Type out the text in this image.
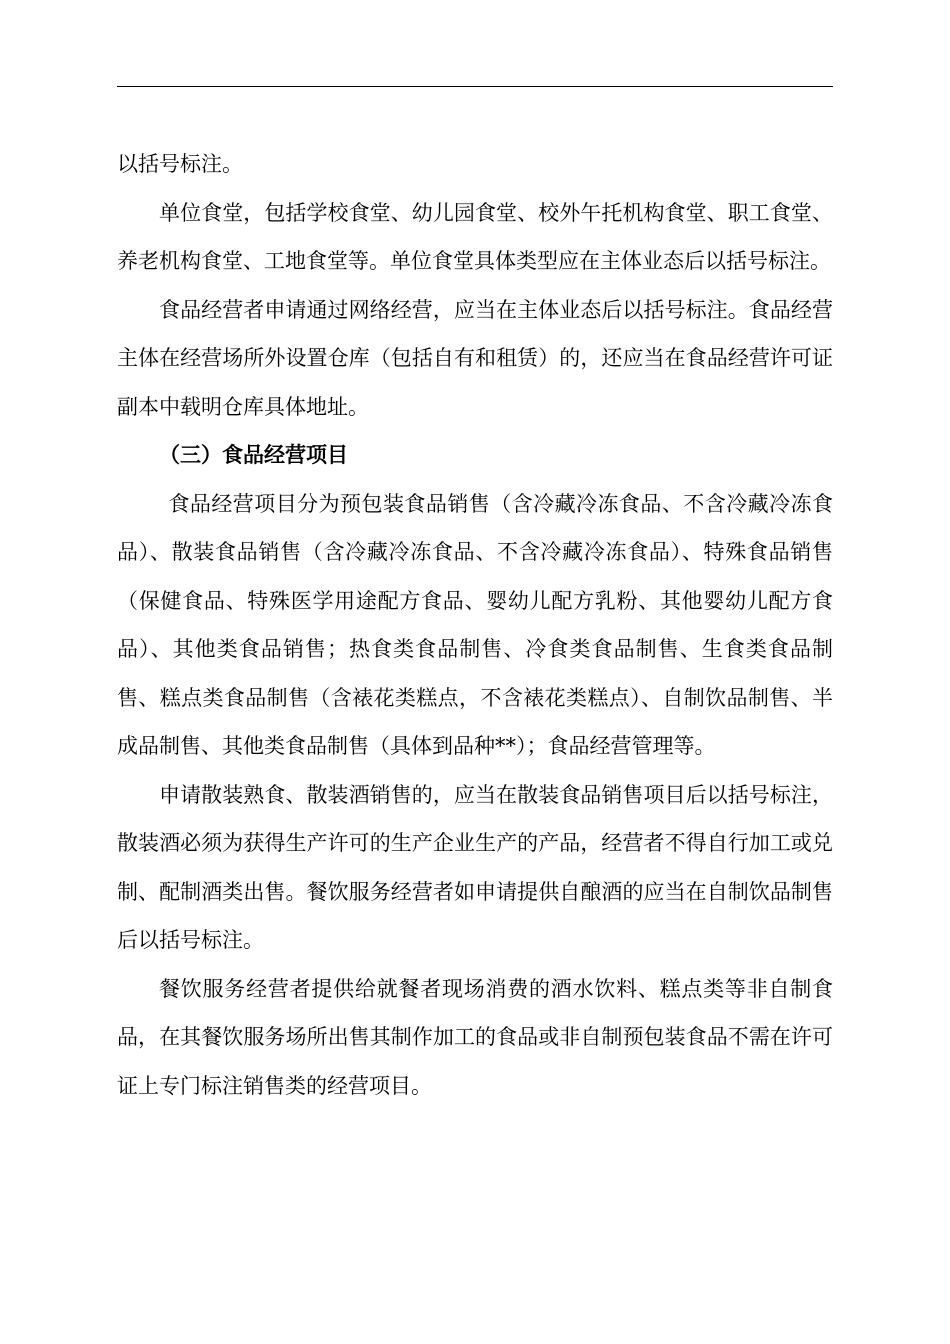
以括号标注。

单位食堂，包括学校食堂、幼儿园食堂、校外午托机构食堂、职工食堂、养老机构食堂、工地食堂等。单位食堂具体类型应在主体业态后以括号标注。

食品经营者申请通过网络经营，应当在主体业态后以括号标注。食品经营主体在经营场所外设置仓库（包括自有和租赁）的，还应当在食品经营许可证副本中载明仓库具体地址。

（三）食品经营项目

食品经营项目分为预包装食品销售（含冷藏冷冻食品、不含冷藏冷冻食品）、散装食品销售（含冷藏冷冻食品、不含冷藏冷冻食品）、特殊食品销售（保健食品、特殊医学用途配方食品、婴幼儿配方乳粉、其他婴幼儿配方食品）、其他类食品销售；热食类食品制售、冷食类食品制售、生食类食品制售、糕点类食品制售（含裱花类糕点，不含裱花类糕点）、自制饮品制售、半成品制售、其他类食品制售（具体到品种**）；食品经营管理等。

申请散装熟食、散装酒销售的，应当在散装食品销售项目后以括号标注，散装酒必须为获得生产许可的生产企业生产的产品，经营者不得自行加工或兑制、配制酒类出售。餐饮服务经营者如申请提供自酿酒的应当在自制饮品制售后以括号标注。

餐饮服务经营者提供给就餐者现场消费的酒水饮料、糕点类等非自制食品，在其餐饮服务场所出售其制作加工的食品或非自制预包装食品不需在许可证上专门标注销售类的经营项目。
